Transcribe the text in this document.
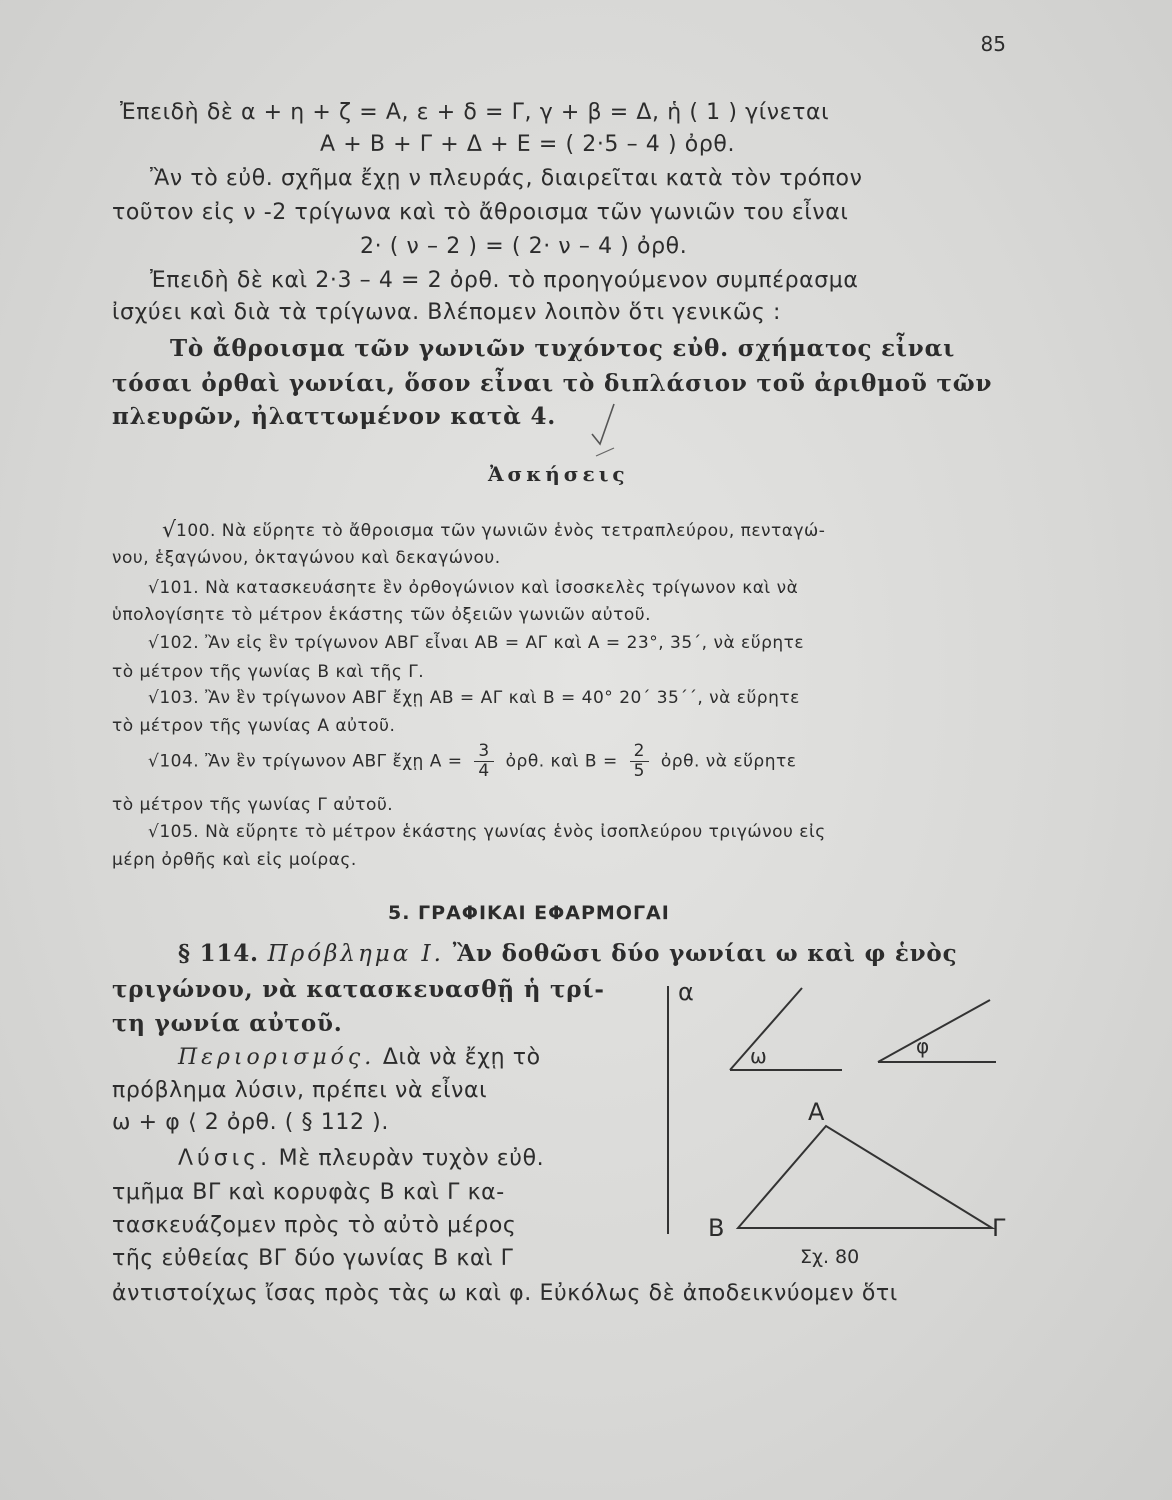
85
Ἐπειδὴ δὲ α + η + ζ = Α, ε + δ = Γ, γ + β = Δ, ἡ ( 1 ) γίνεται
Α + Β + Γ + Δ + Ε = ( 2·5 – 4 ) ὀρθ.
Ἂν τὸ εὐθ. σχῆμα ἔχῃ ν πλευράς, διαιρεῖται κατὰ τὸν τρόπον
τοῦτον εἰς ν -2 τρίγωνα καὶ τὸ ἄθροισμα τῶν γωνιῶν του εἶναι
2· ( ν – 2 ) = ( 2· ν – 4 ) ὀρθ.
Ἐπειδὴ δὲ καὶ 2·3 – 4 = 2 ὀρθ. τὸ προηγούμενον συμπέρασμα
ἰσχύει καὶ διὰ τὰ τρίγωνα. Βλέπομεν λοιπὸν ὅτι γενικῶς :
Τὸ ἄθροισμα τῶν γωνιῶν τυχόντος εὐθ. σχήματος εἶναι
τόσαι ὀρθαὶ γωνίαι, ὅσον εἶναι τὸ διπλάσιον τοῦ ἀριθμοῦ τῶν
πλευρῶν, ἠλαττωμένον κατὰ 4.
Ἀσκήσεις
√ 100. Νὰ εὕρητε τὸ ἄθροισμα τῶν γωνιῶν ἑνὸς τετραπλεύρου, πενταγώ-
νου, ἑξαγώνου, ὀκταγώνου καὶ δεκαγώνου.
√101. Νὰ κατασκευάσητε ἓν ὀρθογώνιον καὶ ἰσοσκελὲς τρίγωνον καὶ νὰ
ὑπολογίσητε τὸ μέτρον ἑκάστης τῶν ὀξειῶν γωνιῶν αὐτοῦ.
√102. Ἂν εἰς ἓν τρίγωνον ΑΒΓ εἶναι ΑΒ = ΑΓ καὶ Α = 23°, 35΄, νὰ εὕρητε
τὸ μέτρον τῆς γωνίας Β καὶ τῆς Γ.
√103. Ἂν ἓν τρίγωνον ΑΒΓ ἔχῃ ΑΒ = ΑΓ καὶ Β = 40° 20΄ 35΄΄, νὰ εὕρητε
τὸ μέτρον τῆς γωνίας Α αὐτοῦ.
√104. Ἂν ἓν τρίγωνον ΑΒΓ ἔχῃ $A = \frac{3}{4}$ ὀρθ. καὶ $B = \frac{2}{5}$ ὀρθ. νὰ εὕρητε
τὸ μέτρον τῆς γωνίας Γ αὐτοῦ.
√105. Νὰ εὕρητε τὸ μέτρον ἑκάστης γωνίας ἑνὸς ἰσοπλεύρου τριγώνου εἰς
μέρη ὀρθῆς καὶ εἰς μοίρας.
5. ΓΡΑΦΙΚΑΙ ΕΦΑΡΜΟΓΑΙ
§ 114. Πρόβλημα Ι. Ἂν δοθῶσι δύο γωνίαι ω καὶ φ ἑνὸς
τριγώνου, νὰ κατασκευασθῇ ἡ τρί-
τη γωνία αὐτοῦ.
Περιορισμός. Διὰ νὰ ἔχῃ τὸ
πρόβλημα λύσιν, πρέπει νὰ εἶναι
ω + φ ⟨ 2 ὀρθ. ( § 112 ).
Λύσις. Μὲ πλευρὰν τυχὸν εὐθ.
τμῆμα ΒΓ καὶ κορυφὰς Β καὶ Γ κα-
τασκευάζομεν πρὸς τὸ αὐτὸ μέρος
τῆς εὐθείας ΒΓ δύο γωνίας Β καὶ Γ
ἀντιστοίχως ἴσας πρὸς τὰς ω καὶ φ. Εὐκόλως δὲ ἀποδεικνύομεν ὅτι
α
ω	φ
Α
Β	Γ
Σχ. 80
